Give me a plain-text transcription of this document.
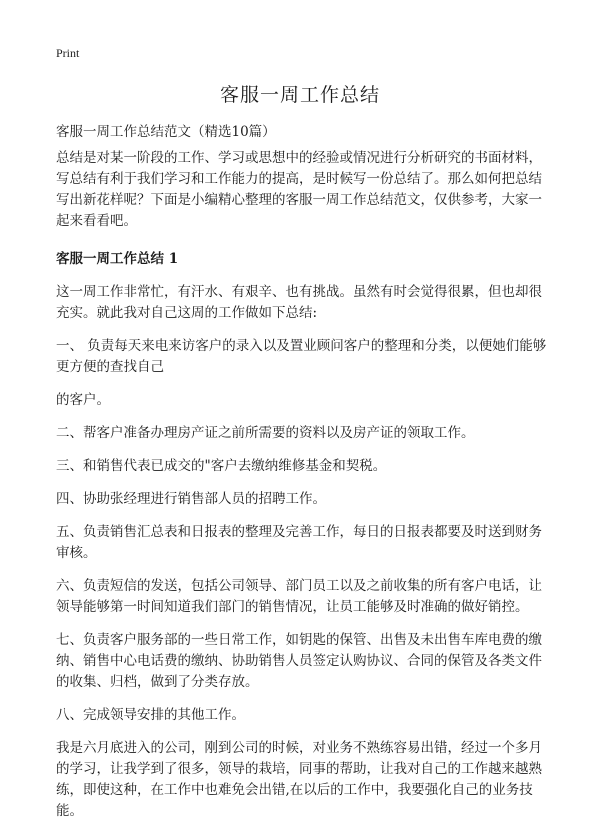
Print
客服一周工作总结
客服一周工作总结范文（精选10篇）

总结是对某一阶段的工作、学习或思想中的经验或情况进行分析研究的书面材料，写总结有利于我们学习和工作能力的提高，是时候写一份总结了。那么如何把总结写出新花样呢？下面是小编精心整理的客服一周工作总结范文，仅供参考，大家一起来看看吧。

客服一周工作总结 1

这一周工作非常忙，有汗水、有艰辛、也有挑战。虽然有时会觉得很累，但也却很充实。就此我对自己这周的工作做如下总结:

一、 负责每天来电来访客户的录入以及置业顾问客户的整理和分类，以便她们能够更方便的查找自己

的客户。

二、帮客户准备办理房产证之前所需要的资料以及房产证的领取工作。

三、和销售代表已成交的"客户去缴纳维修基金和契税。

四、协助张经理进行销售部人员的招聘工作。

五、负责销售汇总表和日报表的整理及完善工作，每日的日报表都要及时送到财务审核。

六、负责短信的发送，包括公司领导、部门员工以及之前收集的所有客户电话，让领导能够第一时间知道我们部门的销售情况，让员工能够及时准确的做好销控。

七、负责客户服务部的一些日常工作，如钥匙的保管、出售及未出售车库电费的缴纳、销售中心电话费的缴纳、协助销售人员签定认购协议、合同的保管及各类文件的收集、归档，做到了分类存放。

八、完成领导安排的其他工作。

我是六月底进入的公司，刚到公司的时候，对业务不熟练容易出错，经过一个多月的学习，让我学到了很多，领导的栽培，同事的帮助，让我对自己的工作越来越熟练，即使这种，在工作中也难免会出错,在以后的工作中，我要强化自己的业务技能。
